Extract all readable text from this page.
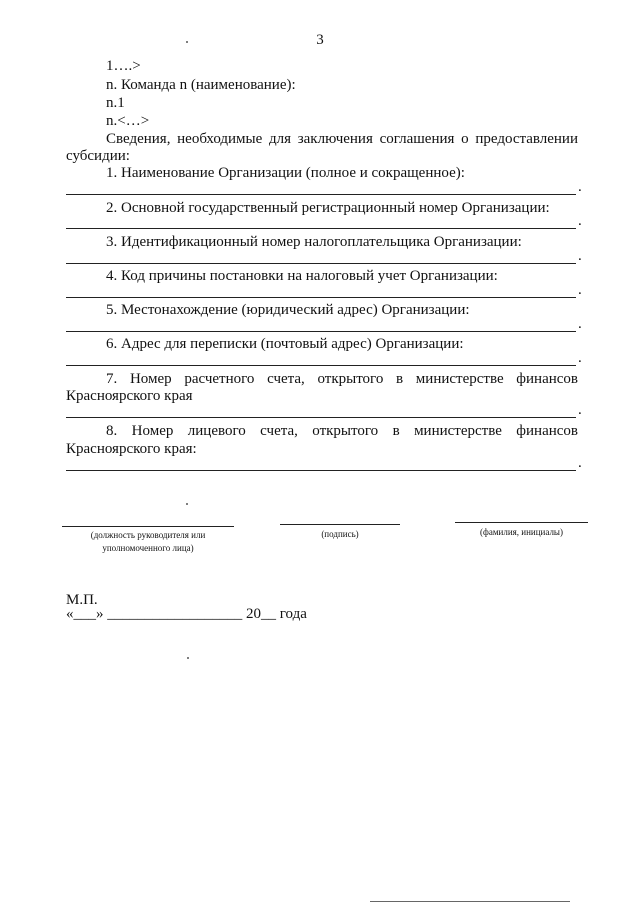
3
1….>
n. Команда n (наименование):
n.1
n.<…>
Сведения, необходимые для заключения соглашения о предоставлении
субсидии:
1. Наименование Организации (полное и сокращенное):
.
2. Основной государственный регистрационный номер Организации:
.
3. Идентификационный номер налогоплательщика Организации:
.
4. Код причины постановки на налоговый учет Организации:
.
5. Местонахождение (юридический адрес) Организации:
.
6. Адрес для переписки (почтовый адрес) Организации:
.
7. Номер расчетного счета, открытого в министерстве финансов
Красноярского края
.
8. Номер лицевого счета, открытого в министерстве финансов
Красноярского края:
.
(должность руководителя или
уполномоченного лица)
(подпись)	(фамилия, инициалы)
М.П.
«___» __________________ 20__ года
